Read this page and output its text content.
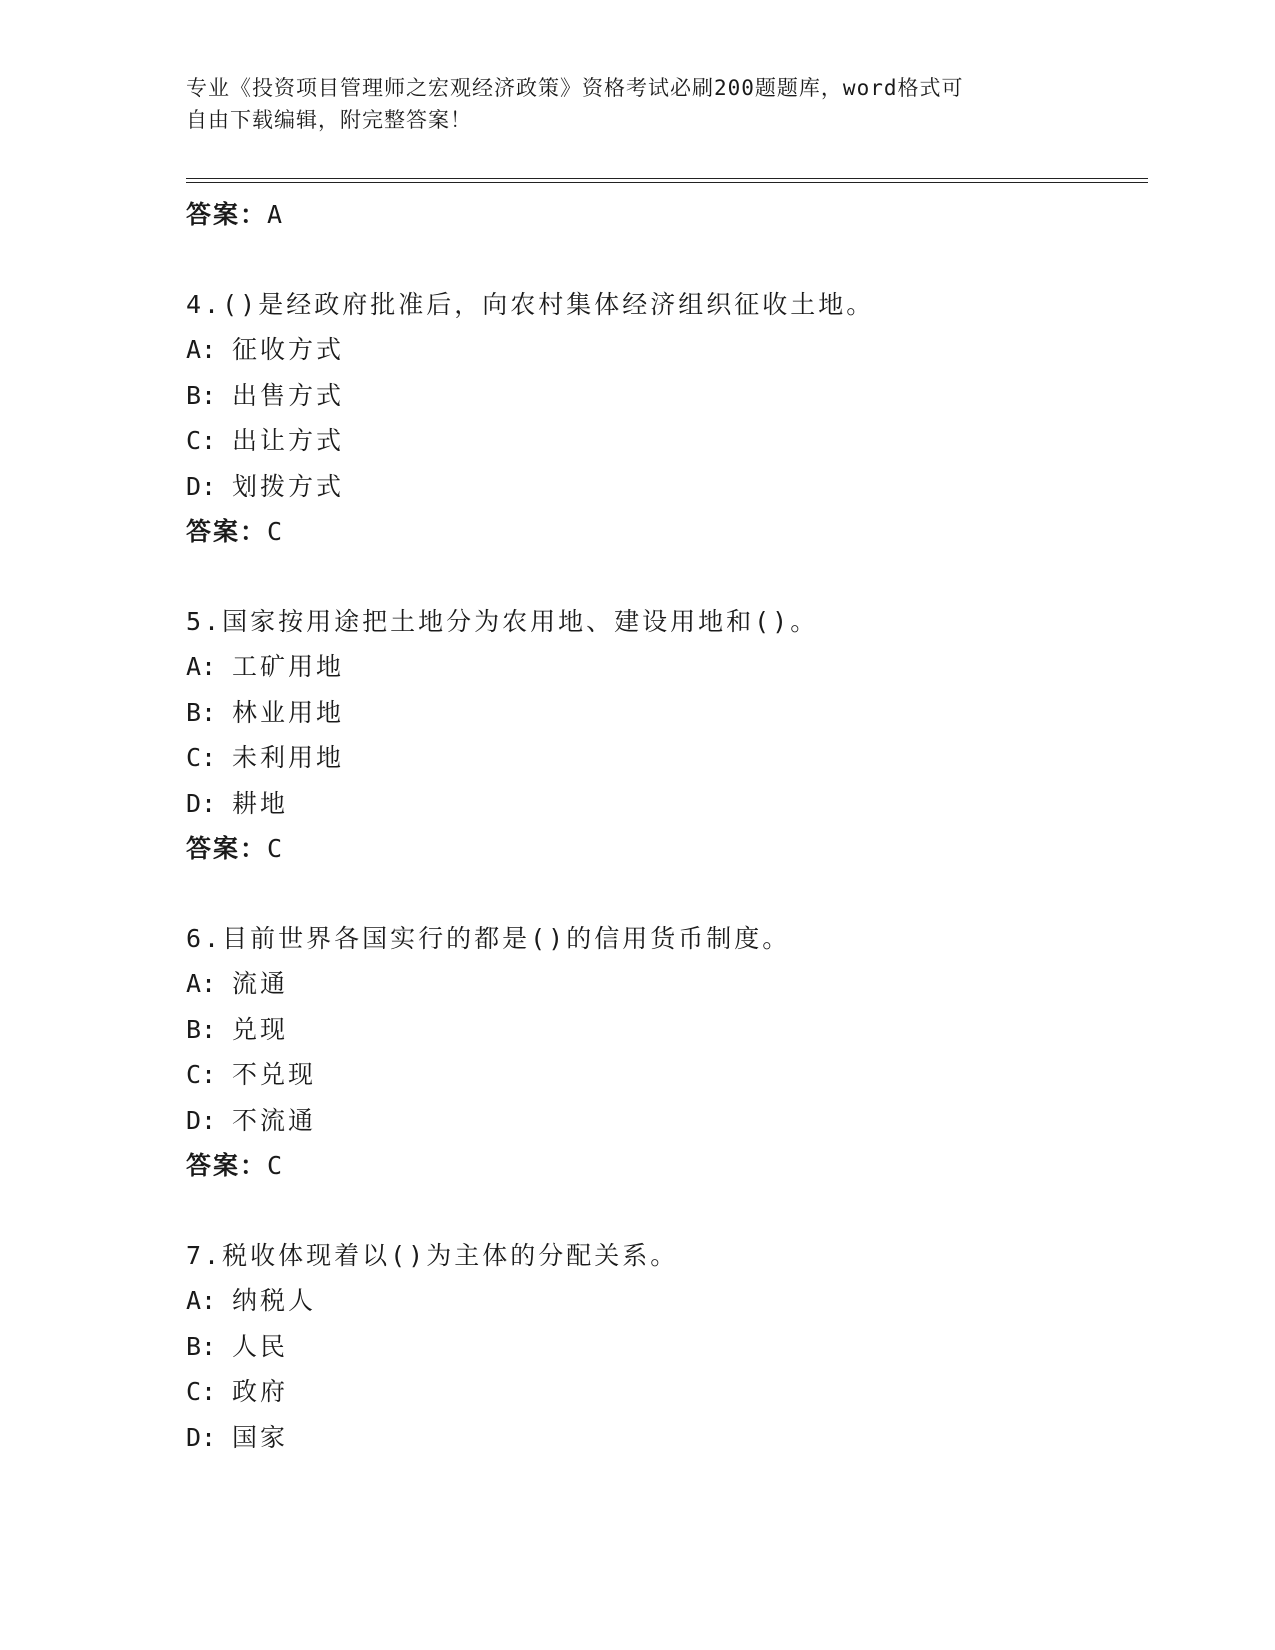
专业《投资项目管理师之宏观经济政策》资格考试必刷200题题库，word格式可
自由下载编辑，附完整答案！
答案：A
4.()是经政府批准后，向农村集体经济组织征收土地。
A: 征收方式
B: 出售方式
C: 出让方式
D: 划拨方式
答案：C
5.国家按用途把土地分为农用地、建设用地和()。
A: 工矿用地
B: 林业用地
C: 未利用地
D: 耕地
答案：C
6.目前世界各国实行的都是()的信用货币制度。
A: 流通
B: 兑现
C: 不兑现
D: 不流通
答案：C
7.税收体现着以()为主体的分配关系。
A: 纳税人
B: 人民
C: 政府
D: 国家
